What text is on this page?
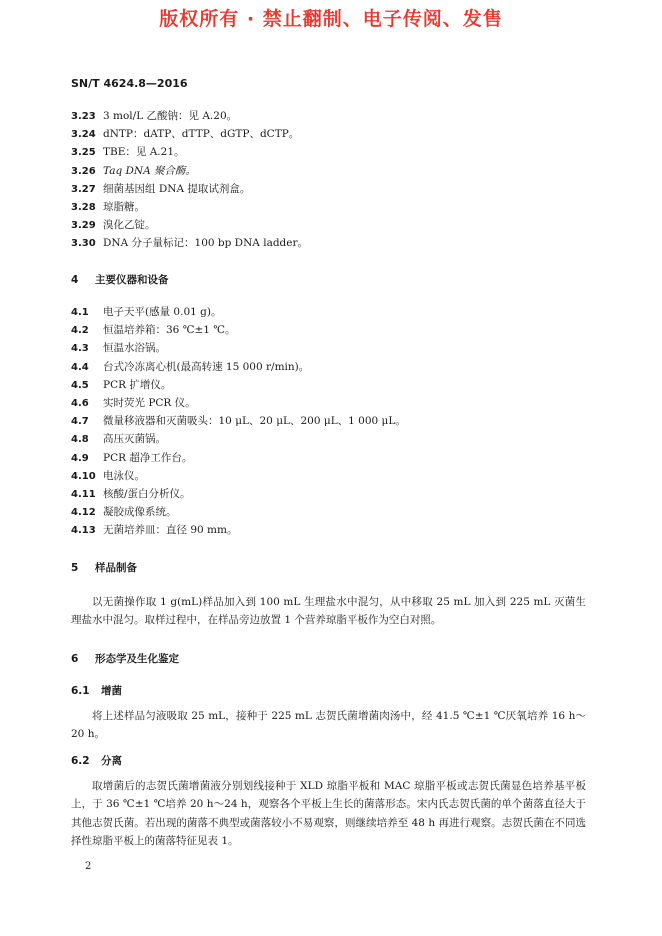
版权所有 · 禁止翻制、电子传阅、发售
SN/T 4624.8—2016
3.23 3 mol/L 乙酸钠：见 A.20。
3.24 dNTP：dATP、dTTP、dGTP、dCTP。
3.25 TBE：见 A.21。
3.26 Taq DNA 聚合酶。
3.27 细菌基因组 DNA 提取试剂盒。
3.28 琼脂糖。
3.29 溴化乙锭。
3.30 DNA 分子量标记：100 bp DNA ladder。
4 主要仪器和设备
4.1 电子天平(感量 0.01 g)。
4.2 恒温培养箱：36 ℃±1 ℃。
4.3 恒温水浴锅。
4.4 台式冷冻离心机(最高转速 15 000 r/min)。
4.5 PCR 扩增仪。
4.6 实时荧光 PCR 仪。
4.7 微量移液器和灭菌吸头：10 μL、20 μL、200 μL、1 000 μL。
4.8 高压灭菌锅。
4.9 PCR 超净工作台。
4.10 电泳仪。
4.11 核酸/蛋白分析仪。
4.12 凝胶成像系统。
4.13 无菌培养皿：直径 90 mm。
5 样品制备

以无菌操作取 1 g(mL)样品加入到 100 mL 生理盐水中混匀，从中移取 25 mL 加入到 225 mL 灭菌生理盐水中混匀。取样过程中，在样品旁边放置 1 个营养琼脂平板作为空白对照。

6 形态学及生化鉴定
6.1 增菌

将上述样品匀液吸取 25 mL，接种于 225 mL 志贺氏菌增菌肉汤中，经 41.5 ℃±1 ℃厌氧培养 16 h～20 h。

6.2 分离

取增菌后的志贺氏菌增菌液分别划线接种于 XLD 琼脂平板和 MAC 琼脂平板或志贺氏菌显色培养基平板上，于 36 ℃±1 ℃培养 20 h～24 h，观察各个平板上生长的菌落形态。宋内氏志贺氏菌的单个菌落直径大于其他志贺氏菌。若出现的菌落不典型或菌落较小不易观察，则继续培养至 48 h 再进行观察。志贺氏菌在不同选择性琼脂平板上的菌落特征见表 1。

2
